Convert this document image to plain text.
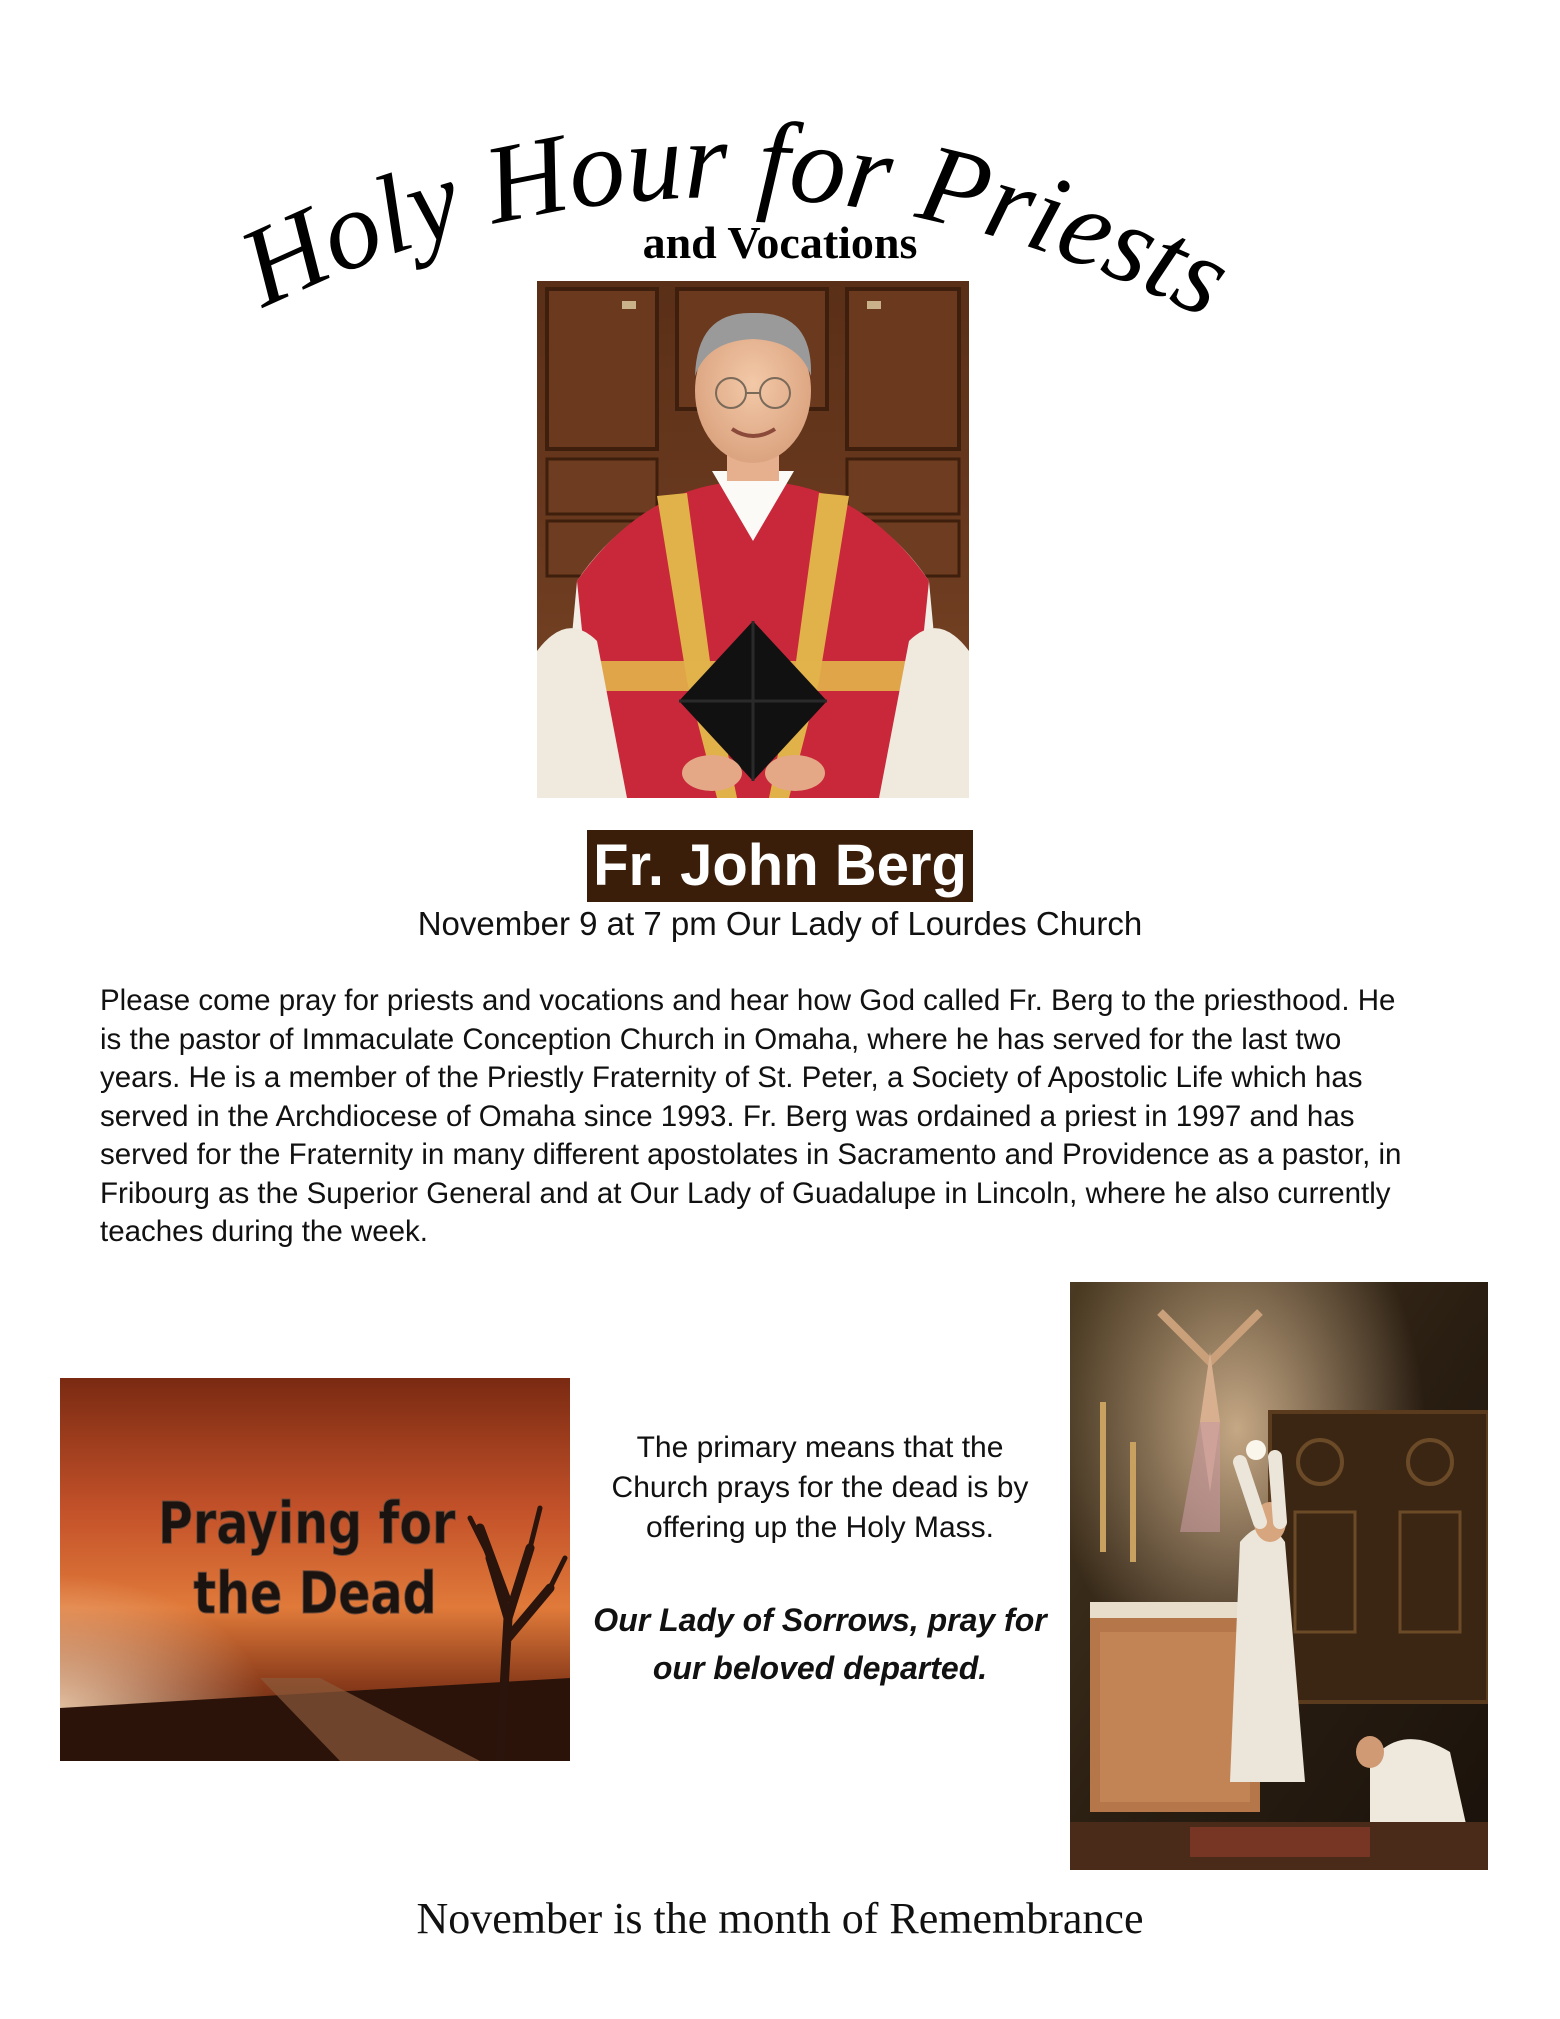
Holy Hour for Priests
and Vocations
Fr. John Berg
November 9 at 7 pm Our Lady of Lourdes Church

Please come pray for priests and vocations and hear how God called Fr. Berg to the priesthood. He is the pastor of Immaculate Conception Church in Omaha, where he has served for the last two years. He is a member of the Priestly Fraternity of St. Peter, a Society of Apostolic Life which has served in the Archdiocese of Omaha since 1993. Fr. Berg was ordained a priest in 1997 and has served for the Fraternity in many different apostolates in Sacramento and Providence as a pastor, in Fribourg as the Superior General and at Our Lady of Guadalupe in Lincoln, where he also currently teaches during the week.

Praying for the Dead

The primary means that the Church prays for the dead is by offering up the Holy Mass.

Our Lady of Sorrows, pray for our beloved departed.

November is the month of Remembrance
